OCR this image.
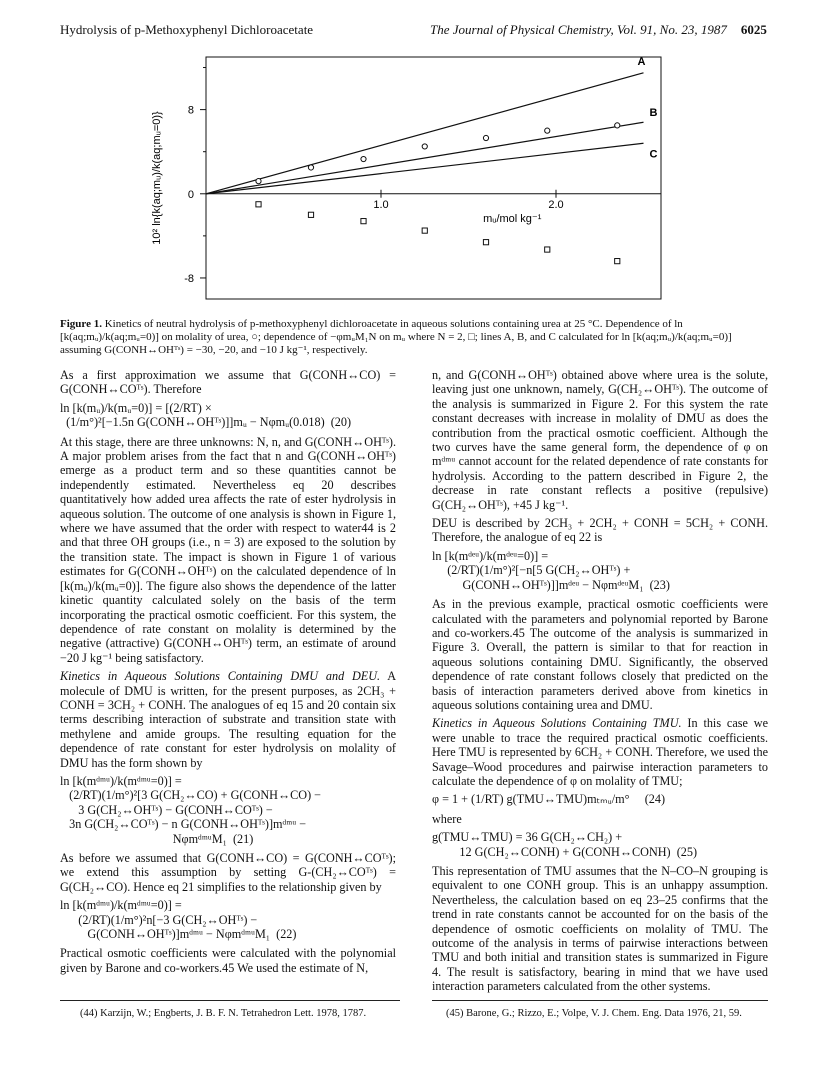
Hydrolysis of p-Methoxyphenyl Dichloroacetate	The Journal of Physical Chemistry, Vol. 91, No. 23, 1987 6025
1.0	2.0
8
0
-8
A
B
C
mᵤ/mol kg⁻¹
10² ln{k(aq;mᵤ)/k(aq;mᵤ=0)}
Figure 1. Kinetics of neutral hydrolysis of p-methoxyphenyl dichloroacetate in aqueous solutions containing urea at 25 °C. Dependence of ln [k(aq;mᵤ)/k(aq;mᵤ=0)] on molality of urea, ○; dependence of −φmᵤM₁N on mᵤ where N = 2, □; lines A, B, and C calculated for ln [k(aq;mᵤ)/k(aq;mᵤ=0)] assuming G(CONH↔OHᵀˢ) = −30, −20, and −10 J kg⁻¹, respectively.

As a first approximation we assume that G(CONH↔CO) = G(CONH↔COᵀˢ). Therefore

ln [k(mᵤ)/k(mᵤ=0)] = [(2/RT) ×
(1/m°)²[−1.5n G(CONH↔OHᵀˢ)]]mᵤ − Nφmᵤ(0.018)  (20)

At this stage, there are three unknowns: N, n, and G(CONH↔OHᵀˢ). A major problem arises from the fact that n and G(CONH↔OHᵀˢ) emerge as a product term and so these quantities cannot be independently estimated. Nevertheless eq 20 describes quantitatively how added urea affects the rate of ester hydrolysis in aqueous solution. The outcome of one analysis is shown in Figure 1, where we have assumed that the order with respect to water44 is 2 and that three OH groups (i.e., n = 3) are exposed to the solution by the transition state. The impact is shown in Figure 1 of various estimates for G(CONH↔OHᵀˢ) on the calculated dependence of ln [k(mᵤ)/k(mᵤ=0)]. The figure also shows the dependence of the latter kinetic quantity calculated solely on the basis of the term incorporating the practical osmotic coefficient. For this system, the dependence of rate constant on molality is determined by the negative (attractive) G(CONH↔OHᵀˢ) term, an estimate of around −20 J kg⁻¹ being satisfactory.

Kinetics in Aqueous Solutions Containing DMU and DEU. A molecule of DMU is written, for the present purposes, as 2CH₃ + CONH = 3CH₂ + CONH. The analogues of eq 15 and 20 contain six terms describing interaction of substrate and transition state with methylene and amide groups. The resulting equation for the dependence of rate constant for ester hydrolysis on molality of DMU has the form shown by

ln [k(mᵈᵐᵘ)/k(mᵈᵐᵘ=0)] =
(2/RT)(1/m°)²[3 G(CH₂↔CO) + G(CONH↔CO) −
3 G(CH₂↔OHᵀˢ) − G(CONH↔COᵀˢ) −
3n G(CH₂↔COᵀˢ) − n G(CONH↔OHᵀˢ)]mᵈᵐᵘ −
NφmᵈᵐᵘM₁  (21)

As before we assumed that G(CONH↔CO) = G(CONH↔COᵀˢ); we extend this assumption by setting G-(CH₂↔COᵀˢ) = G(CH₂↔CO). Hence eq 21 simplifies to the relationship given by

ln [k(mᵈᵐᵘ)/k(mᵈᵐᵘ=0)] =
(2/RT)(1/m°)²n[−3 G(CH₂↔OHᵀˢ) −
G(CONH↔OHᵀˢ)]mᵈᵐᵘ − NφmᵈᵐᵘM₁  (22)

Practical osmotic coefficients were calculated with the polynomial given by Barone and co-workers.45 We used the estimate of N,

n, and G(CONH↔OHᵀˢ) obtained above where urea is the solute, leaving just one unknown, namely, G(CH₂↔OHᵀˢ). The outcome of the analysis is summarized in Figure 2. For this system the rate constant decreases with increase in molality of DMU as does the contribution from the practical osmotic coefficient. Although the two curves have the same general form, the dependence of φ on mᵈᵐᵘ cannot account for the related dependence of rate constants for hydrolysis. According to the pattern described in Figure 2, the decrease in rate constant reflects a positive (repulsive) G(CH₂↔OHᵀˢ), +45 J kg⁻¹.

DEU is described by 2CH₃ + 2CH₂ + CONH = 5CH₂ + CONH. Therefore, the analogue of eq 22 is

ln [k(mᵈᵉᵘ)/k(mᵈᵉᵘ=0)] =
(2/RT)(1/m°)²[−n[5 G(CH₂↔OHᵀˢ) +
G(CONH↔OHᵀˢ)]]mᵈᵉᵘ − NφmᵈᵉᵘM₁  (23)

As in the previous example, practical osmotic coefficients were calculated with the parameters and polynomial reported by Barone and co-workers.45 The outcome of the analysis is summarized in Figure 3. Overall, the pattern is similar to that for reaction in aqueous solutions containing DMU. Significantly, the observed dependence of rate constant follows closely that predicted on the basis of interaction parameters derived above from kinetics in aqueous solutions containing urea and DMU.

Kinetics in Aqueous Solutions Containing TMU. In this case we were unable to trace the required practical osmotic coefficients. Here TMU is represented by 6CH₂ + CONH. Therefore, we used the Savage–Wood procedures and pairwise interaction parameters to calculate the dependence of φ on molality of TMU;

φ = 1 + (1/RT) g(TMU↔TMU)mₜₘᵤ/m°     (24)

where

g(TMU↔TMU) = 36 G(CH₂↔CH₂) +
12 G(CH₂↔CONH) + G(CONH↔CONH)  (25)

This representation of TMU assumes that the N–CO–N grouping is equivalent to one CONH group. This is an unhappy assumption. Nevertheless, the calculation based on eq 23–25 confirms that the trend in rate constants cannot be accounted for on the basis of the dependence of osmotic coefficients on molality of TMU. The outcome of the analysis in terms of pairwise interactions between TMU and both initial and transition states is summarized in Figure 4. The result is satisfactory, bearing in mind that we have used interaction parameters calculated from the other systems.

(44) Karzijn, W.; Engberts, J. B. F. N. Tetrahedron Lett. 1978, 1787.	(45) Barone, G.; Rizzo, E.; Volpe, V. J. Chem. Eng. Data 1976, 21, 59.
